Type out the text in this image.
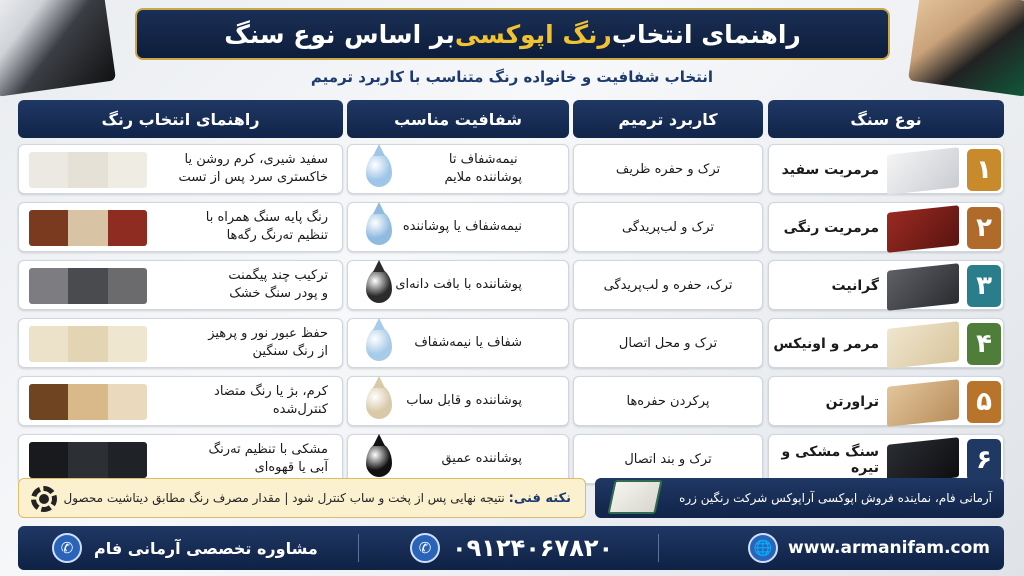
راهنمای انتخاب
رنگ اپوکسی
بر اساس نوع سنگ
انتخاب شفافیت و خانواده رنگ متناسب با کاربرد ترمیم
نوع سنگ
کاربرد ترمیم
شفافیت مناسب
راهنمای انتخاب رنگ
۱
مرمریت سفید
ترک و حفره ظریف
نیمه‌شفاف تا
پوشاننده ملایم
سفید شیری، کرم روشن یا
خاکستری سرد پس از تست
۲
مرمریت رنگی
ترک و لب‌پریدگی
نیمه‌شفاف یا پوشاننده
رنگ پایه سنگ همراه با
تنظیم ته‌رنگ رگه‌ها
۳
گرانیت
ترک، حفره و لب‌پریدگی
پوشاننده با بافت دانه‌ای
ترکیب چند پیگمنت
و پودر سنگ خشک
۴
مرمر و اونیکس
ترک و محل اتصال
شفاف یا نیمه‌شفاف
حفظ عبور نور و پرهیز
از رنگ سنگین
۵
تراورتن
پرکردن حفره‌ها
پوشاننده و قابل ساب
کرم، بژ یا رنگ متضاد
کنترل‌شده
۶
سنگ مشکی و تیره
ترک و بند اتصال
پوشاننده عمیق
مشکی با تنظیم ته‌رنگ
آبی یا قهوه‌ای
نکته فنی:
نتیجه نهایی پس از پخت و ساب کنترل شود | مقدار مصرف رنگ مطابق دیتاشیت محصول	آرمانی فام، نماینده فروش اپوکسی آراپوکس شرکت رنگین زره
🌐 www.armanifam.com
✆ ۰۹۱۲۴۰۶۷۸۲۰
✆	مشاوره تخصصی آرمانی فام
